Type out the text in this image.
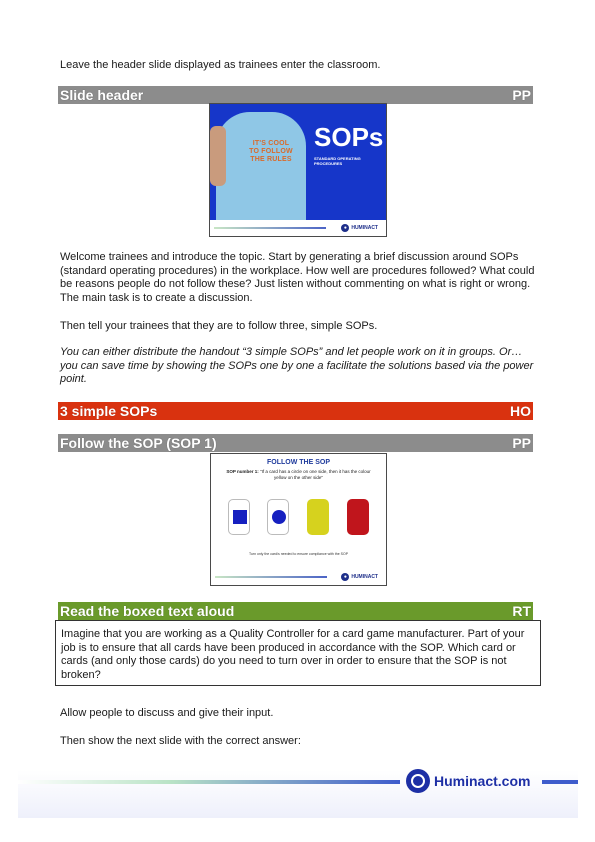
Leave the header slide displayed as trainees enter the classroom.
Slide header	PP
IT'S COOL
TO FOLLOW
THE RULES
SOPs
STANDARD OPERATING PROCEDURES
● HUMINACT

Welcome trainees and introduce the topic. Start by generating a brief discussion around SOPs (standard operating procedures) in the workplace. How well are procedures followed? What could be reasons people do not follow these? Just listen without commenting on what is right or wrong. The main task is to create a discussion.

Then tell your trainees that they are to follow three, simple SOPs.

You can either distribute the handout “3 simple SOPs” and let people work on it in groups. Or… you can save time by showing the SOPs one by one a facilitate the solutions based via the power point.

3 simple SOPs	HO
Follow the SOP (SOP 1)	PP
FOLLOW THE SOP
SOP number 1: "If a card has a circle on one side, then it has the colour yellow on the other side"
Turn only the card/s needed to ensure compliance with the SOP
● HUMINACT
Read the boxed text aloud	RT
Imagine that you are working as a Quality Controller for a card game manufacturer. Part of your job is to ensure that all cards have been produced in accordance with the SOP. Which card or cards (and only those cards) do you need to turn over in order to ensure that the SOP is not broken?

Allow people to discuss and give their input.

Then show the next slide with the correct answer:

Huminact.com
